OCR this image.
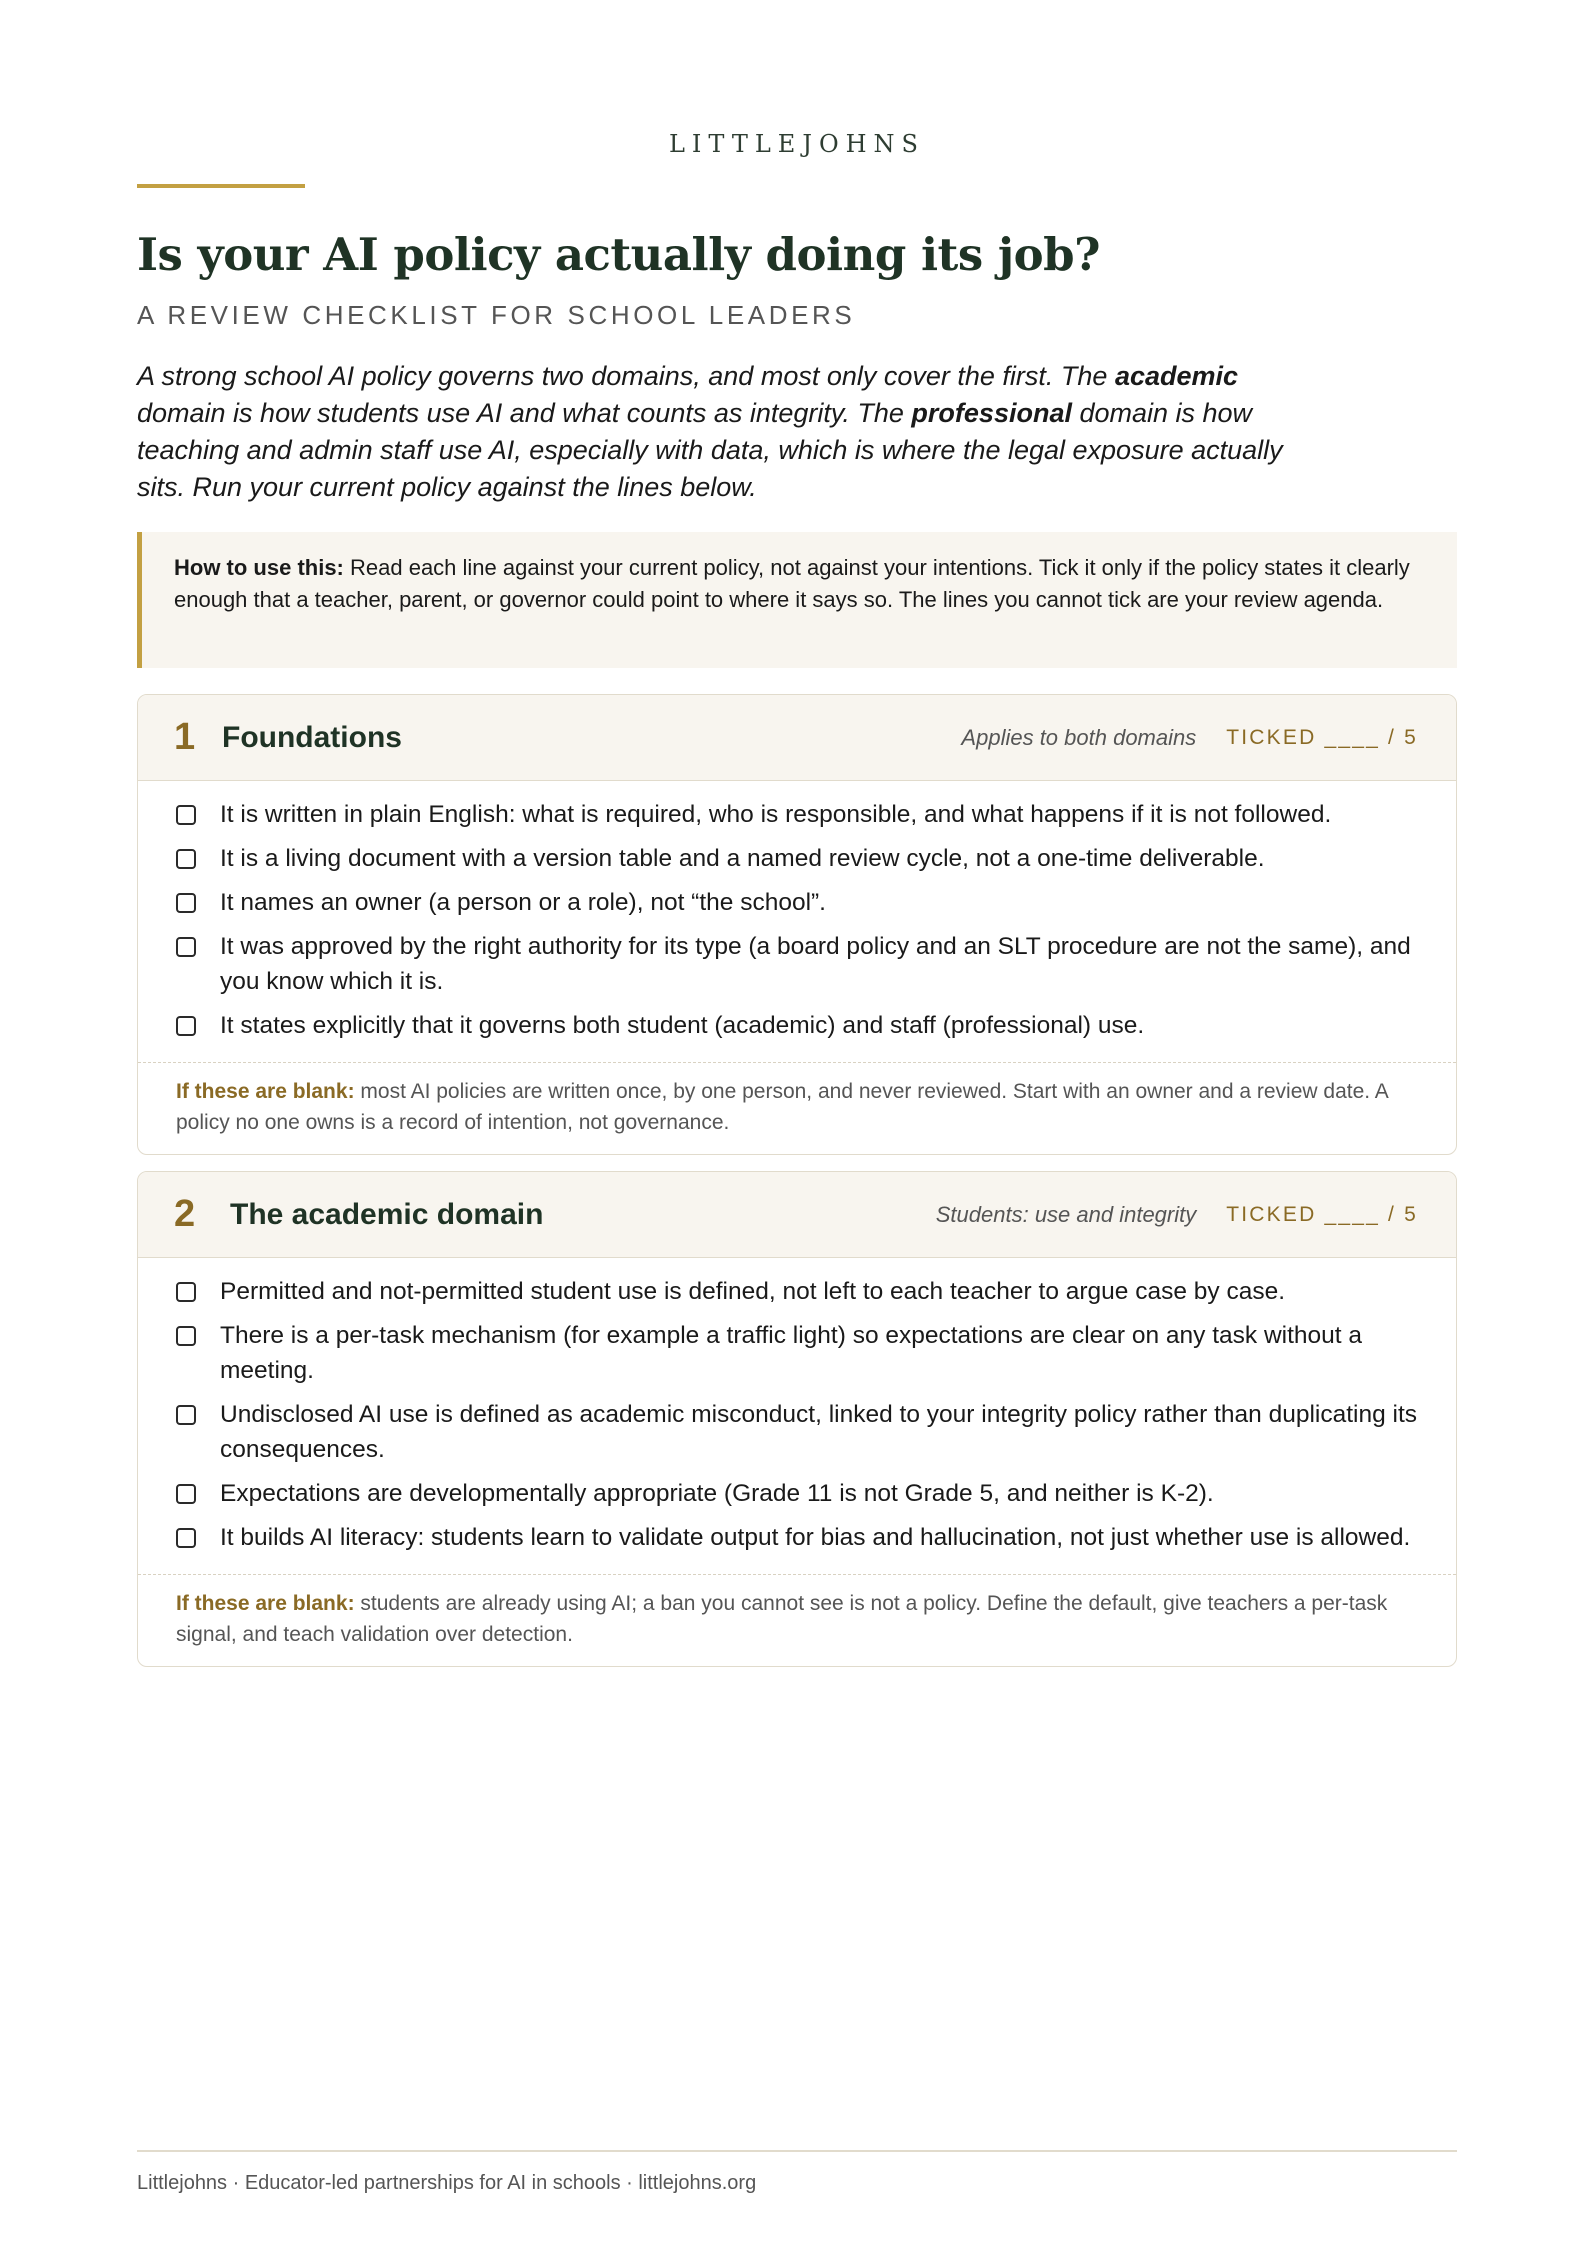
LITTLEJOHNS
Is your AI policy actually doing its job?
A REVIEW CHECKLIST FOR SCHOOL LEADERS
A strong school AI policy governs two domains, and most only cover the first. The academic domain is how students use AI and what counts as integrity. The professional domain is how teaching and admin staff use AI, especially with data, which is where the legal exposure actually sits. Run your current policy against the lines below.
How to use this: Read each line against your current policy, not against your intentions. Tick it only if the policy states it clearly enough that a teacher, parent, or governor could point to where it says so. The lines you cannot tick are your review agenda.
1 Foundations	Applies to both domains TICKED ____ / 5
It is written in plain English: what is required, who is responsible, and what happens if it is not followed.
It is a living document with a version table and a named review cycle, not a one-time deliverable.
It names an owner (a person or a role), not “the school”.
It was approved by the right authority for its type (a board policy and an SLT procedure are not the same), and you know which it is.
It states explicitly that it governs both student (academic) and staff (professional) use.
If these are blank: most AI policies are written once, by one person, and never reviewed. Start with an owner and a review date. A policy no one owns is a record of intention, not governance.
2	The academic domain	Students: use and integrity TICKED ____ / 5
Permitted and not-permitted student use is defined, not left to each teacher to argue case by case.
There is a per-task mechanism (for example a traffic light) so expectations are clear on any task without a meeting.
Undisclosed AI use is defined as academic misconduct, linked to your integrity policy rather than duplicating its consequences.
Expectations are developmentally appropriate (Grade 11 is not Grade 5, and neither is K-2).
It builds AI literacy: students learn to validate output for bias and hallucination, not just whether use is allowed.
If these are blank: students are already using AI; a ban you cannot see is not a policy. Define the default, give teachers a per-task signal, and teach validation over detection.
Littlejohns · Educator-led partnerships for AI in schools · littlejohns.org
